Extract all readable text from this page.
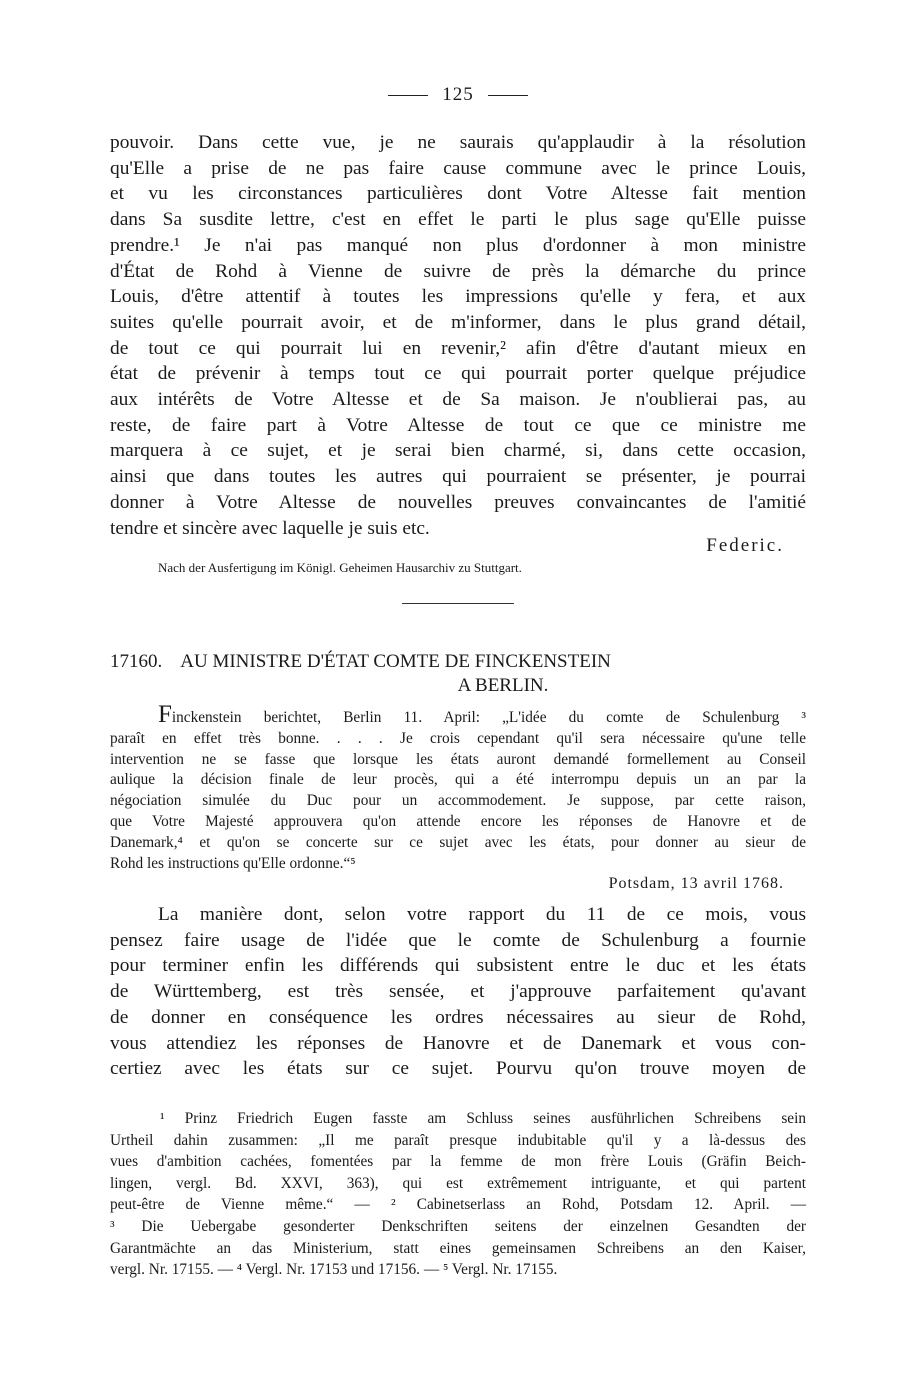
125
pouvoir. Dans cette vue, je ne saurais qu'applaudir à la résolution
qu'Elle a prise de ne pas faire cause commune avec le prince Louis,
et vu les circonstances particulières dont Votre Altesse fait mention
dans Sa susdite lettre, c'est en effet le parti le plus sage qu'Elle puisse
prendre.¹ Je n'ai pas manqué non plus d'ordonner à mon ministre
d'État de Rohd à Vienne de suivre de près la démarche du prince
Louis, d'être attentif à toutes les impressions qu'elle y fera, et aux
suites qu'elle pourrait avoir, et de m'informer, dans le plus grand détail,
de tout ce qui pourrait lui en revenir,² afin d'être d'autant mieux en
état de prévenir à temps tout ce qui pourrait porter quelque préjudice
aux intérêts de Votre Altesse et de Sa maison. Je n'oublierai pas, au
reste, de faire part à Votre Altesse de tout ce que ce ministre me
marquera à ce sujet, et je serai bien charmé, si, dans cette occasion,
ainsi que dans toutes les autres qui pourraient se présenter, je pourrai
donner à Votre Altesse de nouvelles preuves convaincantes de l'amitié
tendre et sincère avec laquelle je suis etc.
Federic.
Nach der Ausfertigung im Königl. Geheimen Hausarchiv zu Stuttgart.
17160. AU MINISTRE D'ÉTAT COMTE DE FINCKENSTEIN
A BERLIN.
Finckenstein berichtet, Berlin 11. April: „L'idée du comte de Schulenburg ³
paraît en effet très bonne. . . . Je crois cependant qu'il sera nécessaire qu'une telle
intervention ne se fasse que lorsque les états auront demandé formellement au Conseil
aulique la décision finale de leur procès, qui a été interrompu depuis un an par la
négociation simulée du Duc pour un accommodement. Je suppose, par cette raison,
que Votre Majesté approuvera qu'on attende encore les réponses de Hanovre et de
Danemark,⁴ et qu'on se concerte sur ce sujet avec les états, pour donner au sieur de
Rohd les instructions qu'Elle ordonne.“⁵
Potsdam, 13 avril 1768.
La manière dont, selon votre rapport du 11 de ce mois, vous
pensez faire usage de l'idée que le comte de Schulenburg a fournie
pour terminer enfin les différends qui subsistent entre le duc et les états
de Württemberg, est très sensée, et j'approuve parfaitement qu'avant
de donner en conséquence les ordres nécessaires au sieur de Rohd,
vous attendiez les réponses de Hanovre et de Danemark et vous con-
certiez avec les états sur ce sujet. Pourvu qu'on trouve moyen de
¹ Prinz Friedrich Eugen fasste am Schluss seines ausführlichen Schreibens sein
Urtheil dahin zusammen: „Il me paraît presque indubitable qu'il y a là-dessus des
vues d'ambition cachées, fomentées par la femme de mon frère Louis (Gräfin Beich-
lingen, vergl. Bd. XXVI, 363), qui est extrêmement intriguante, et qui partent
peut-être de Vienne même.“ — ² Cabinetserlass an Rohd, Potsdam 12. April. —
³ Die Uebergabe gesonderter Denkschriften seitens der einzelnen Gesandten der
Garantmächte an das Ministerium, statt eines gemeinsamen Schreibens an den Kaiser,
vergl. Nr. 17155. — ⁴ Vergl. Nr. 17153 und 17156. — ⁵ Vergl. Nr. 17155.
